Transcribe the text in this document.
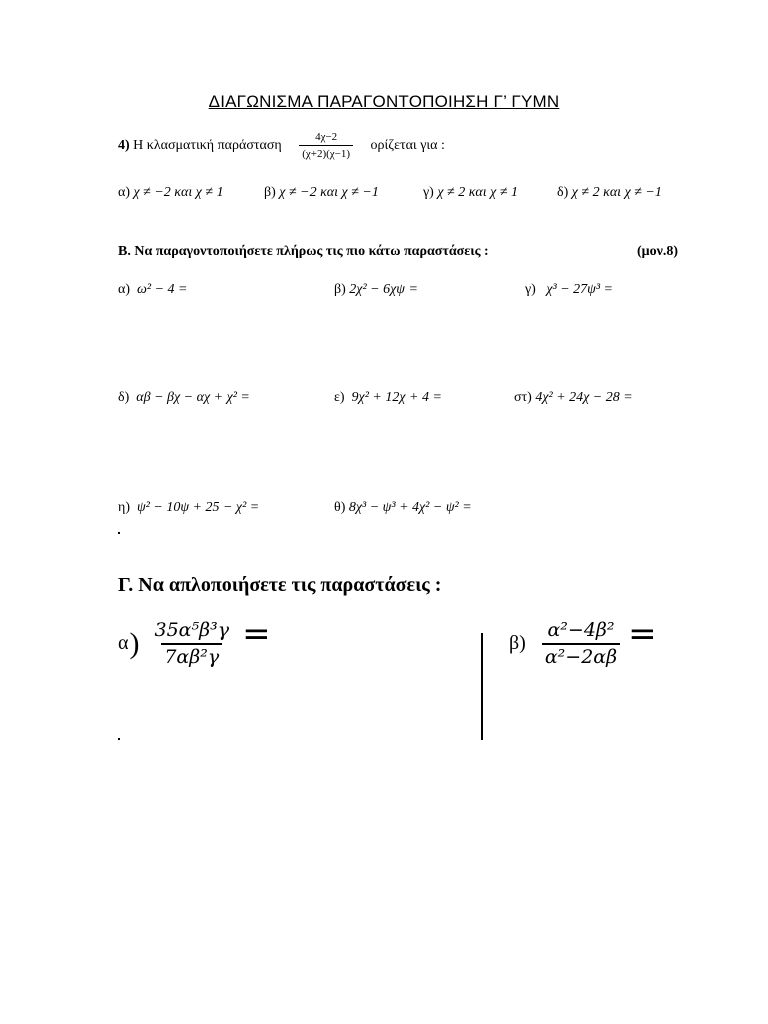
ΔΙΑΓΩΝΙΣΜΑ ΠΑΡΑΓΟΝΤΟΠΟΙΗΣΗ Γ’ ΓΥΜΝ
4) Η κλασματική παράσταση $\frac{4\chi-2}{(\chi+2)(\chi-1)}$ ορίζεται για :
α) χ ≠ −2 και χ ≠ 1	β) χ ≠ −2 και χ ≠ −1	γ) χ ≠ 2 και χ ≠ 1	δ) χ ≠ 2 και χ ≠ −1
Β. Να παραγοντοποιήσετε πλήρως τις πιο κάτω παραστάσεις :	(μον.8)
α) ω² − 4 =	β) 2χ² − 6χψ =	γ) χ³ − 27ψ³ =
δ) αβ − βχ − αχ + χ² =	ε) 9χ² + 12χ + 4 =	στ) 4χ² + 24χ − 28 =
η) ψ² − 10ψ + 25 − χ² =	θ) 8χ³ − ψ³ + 4χ² − ψ² =
Γ. Να απλοποιήσετε τις παραστάσεις :
α ) $\frac{\text{35α⁵β³γ}}{\text{7αβ²γ}}$ =	$\beta) \frac{\text{α²−4β²}}{\text{α²−2αβ}}$ =
